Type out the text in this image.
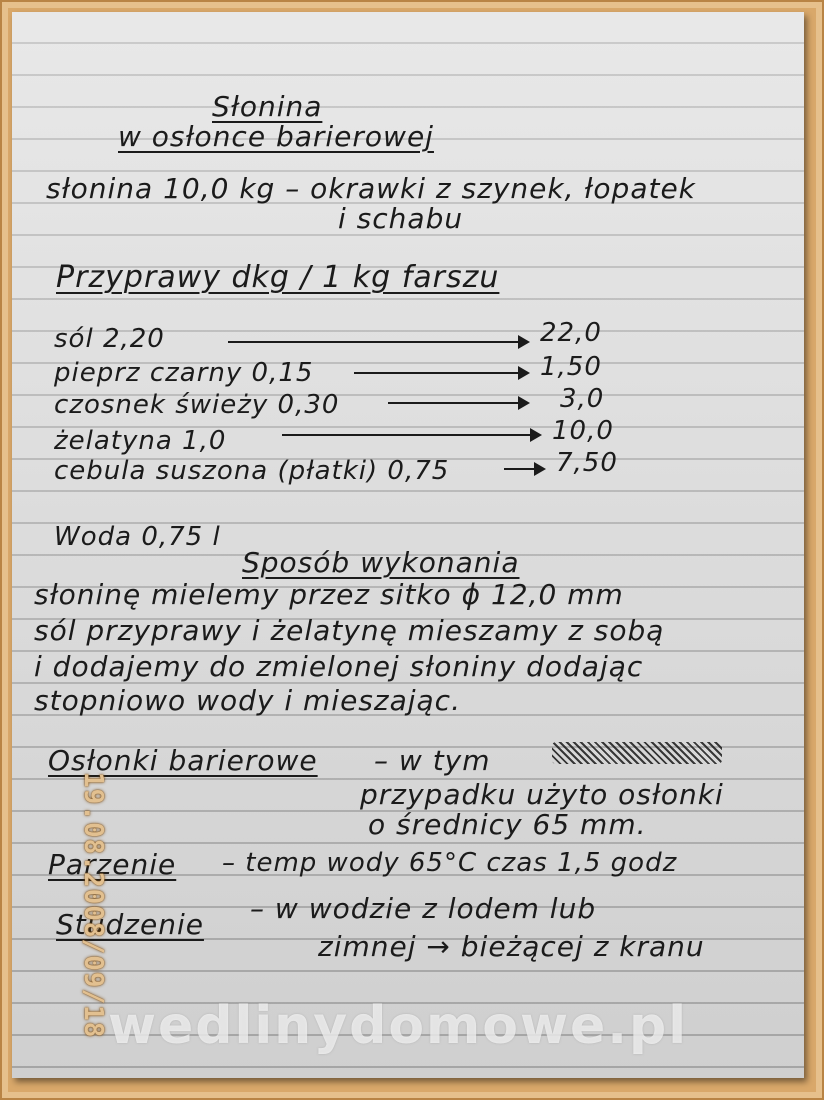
Słonina
w osłonce barierowej
słonina 10,0 kg – okrawki z szynek, łopatek
i schabu
Przyprawy dkg / 1 kg farszu
sól 2,20	22,0
pieprz czarny 0,15	1,50
czosnek świeży 0,30	3,0
żelatyna 1,0	10,0
cebula suszona (płatki) 0,75	7,50
Woda 0,75 l
Sposób wykonania
słoninę mielemy przez sitko ϕ 12,0 mm
sól przyprawy i żelatynę mieszamy z sobą
i dodajemy do zmielonej słoniny dodając
stopniowo wody i mieszając.
Osłonki barierowe – w tym
przypadku użyto osłonki
o średnicy 65 mm.
Parzenie – temp wody 65°C czas 1,5 godz
Studzenie – w wodzie z lodem lub
zimnej → bieżącej z kranu
19.08.2008/09/18 wedlinydomowe.pl
